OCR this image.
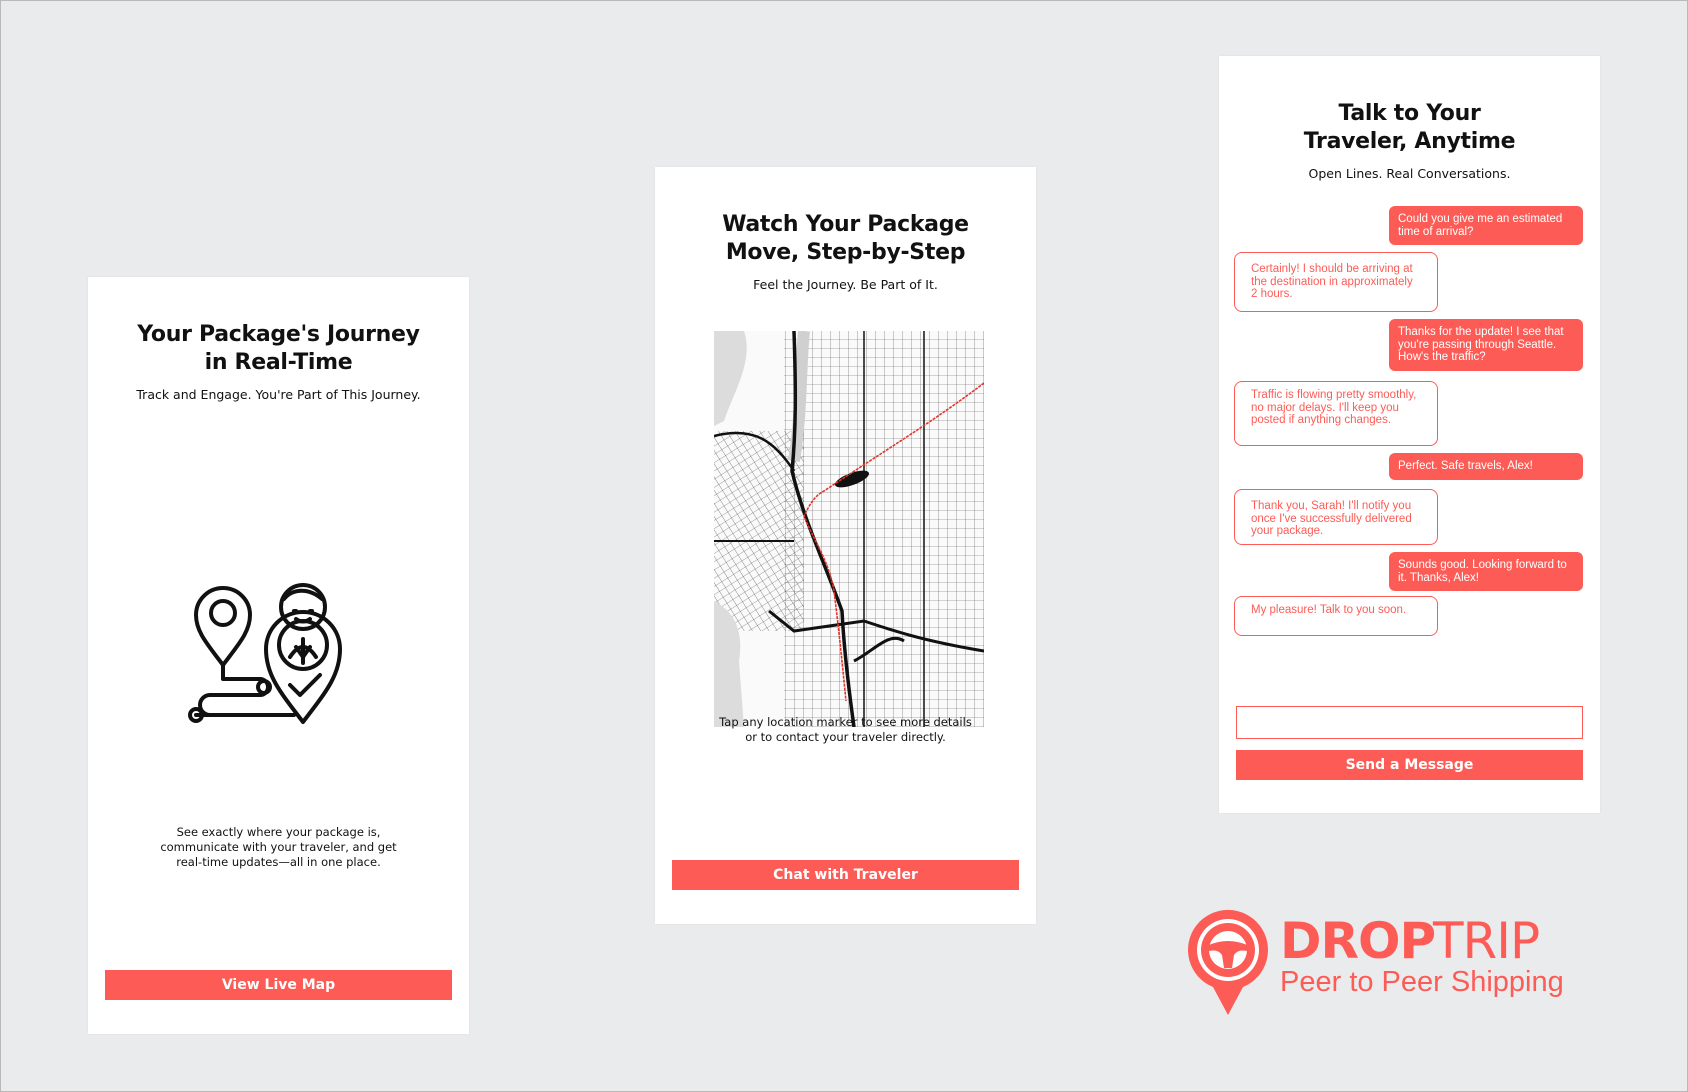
Your Package's Journey
in Real-Time
Track and Engage. You're Part of This Journey.
See exactly where your package is,
communicate with your traveler, and get
real-time updates—all in one place.
View Live Map
Watch Your Package
Move, Step-by-Step
Feel the Journey. Be Part of It.
Tap any location marker to see more details
or to contact your traveler directly.
Chat with Traveler
Talk to Your
Traveler, Anytime
Open Lines. Real Conversations.
Could you give me an estimated time of arrival?
Certainly! I should be arriving at the destination in approximately 2 hours.
Thanks for the update! I see that you're passing through Seattle. How's the traffic?
Traffic is flowing pretty smoothly, no major delays. I'll keep you posted if anything changes.
Perfect. Safe travels, Alex!
Thank you, Sarah! I'll notify you once I've successfully delivered your package.
Sounds good. Looking forward to it. Thanks, Alex!
My pleasure! Talk to you soon.
Send a Message
DROP
TRIP
Peer to Peer Shipping
